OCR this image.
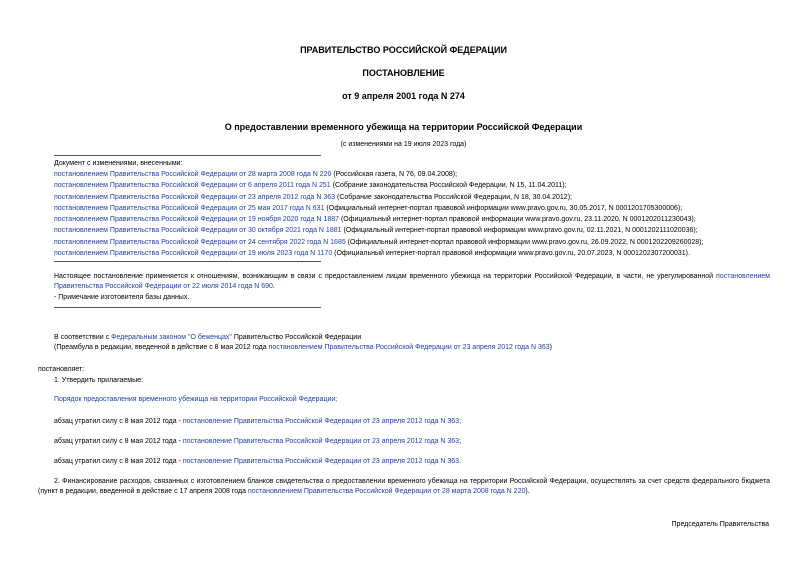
ПРАВИТЕЛЬСТВО РОССИЙСКОЙ ФЕДЕРАЦИИ
ПОСТАНОВЛЕНИЕ
от 9 апреля 2001 года N 274
О предоставлении временного убежища на территории Российской Федерации
(с изменениями на 19 июля 2023 года)
Документ с изменениями, внесенными:
постановлением Правительства Российской Федерации от 28 марта 2008 года N 220 (Российская газета, N 76, 09.04.2008);
постановлением Правительства Российской Федерации от 6 апреля 2011 года N 251 (Собрание законодательства Российской Федерации, N 15, 11.04.2011);
постановлением Правительства Российской Федерации от 23 апреля 2012 года N 363 (Собрание законодательства Российской Федерации, N 18, 30.04.2012);
постановлением Правительства Российской Федерации от 25 мая 2017 года N 631 (Официальный интернет-портал правовой информации www.pravo.gov.ru, 30.05.2017, N 0001201705300006);
постановлением Правительства Российской Федерации от 19 ноября 2020 года N 1887 (Официальный интернет-портал правовой информации www.pravo.gov.ru, 23.11.2020, N 0001202011230043);
постановлением Правительства Российской Федерации от 30 октября 2021 года N 1881 (Официальный интернет-портал правовой информации www.pravo.gov.ru, 02.11.2021, N 0001202111020036);
постановлением Правительства Российской Федерации от 24 сентября 2022 года N 1685 (Официальный интернет-портал правовой информации www.pravo.gov.ru, 26.09.2022, N 0001202209260028);
постановлением Правительства Российской Федерации от 19 июля 2023 года N 1170 (Официальный интернет-портал правовой информации www.pravo.gov.ru, 20.07.2023, N 0001202307200031).
Настоящее постановление применяется к отношениям, возникающим в связи с предоставлением лицам временного убежища на территории Российской Федерации, в части, не урегулированной постановлением Правительства Российской Федерации от 22 июля 2014 года N 690.
- Примечание изготовителя базы данных.
В соответствии с Федеральным законом "О беженцах" Правительство Российской Федерации
(Преамбула в редакции, введенной в действие с 8 мая 2012 года постановлением Правительства Российской Федерации от 23 апреля 2012 года N 363)
постановляет:
1. Утвердить прилагаемые:
Порядок предоставления временного убежища на территории Российской Федерации;
абзац утратил силу с 8 мая 2012 года - постановление Правительства Российской Федерации от 23 апреля 2012 года N 363;
абзац утратил силу с 8 мая 2012 года - постановление Правительства Российской Федерации от 23 апреля 2012 года N 363;
абзац утратил силу с 8 мая 2012 года - постановление Правительства Российской Федерации от 23 апреля 2012 года N 363.
2. Финансирование расходов, связанных с изготовлением бланков свидетельства о предоставлении временного убежища на территории Российской Федерации, осуществлять за счет средств федерального бюджета (пункт в редакции, введенной в действие с 17 апреля 2008 года постановлением Правительства Российской Федерации от 28 марта 2008 года N 220).
Председатель Правительства
